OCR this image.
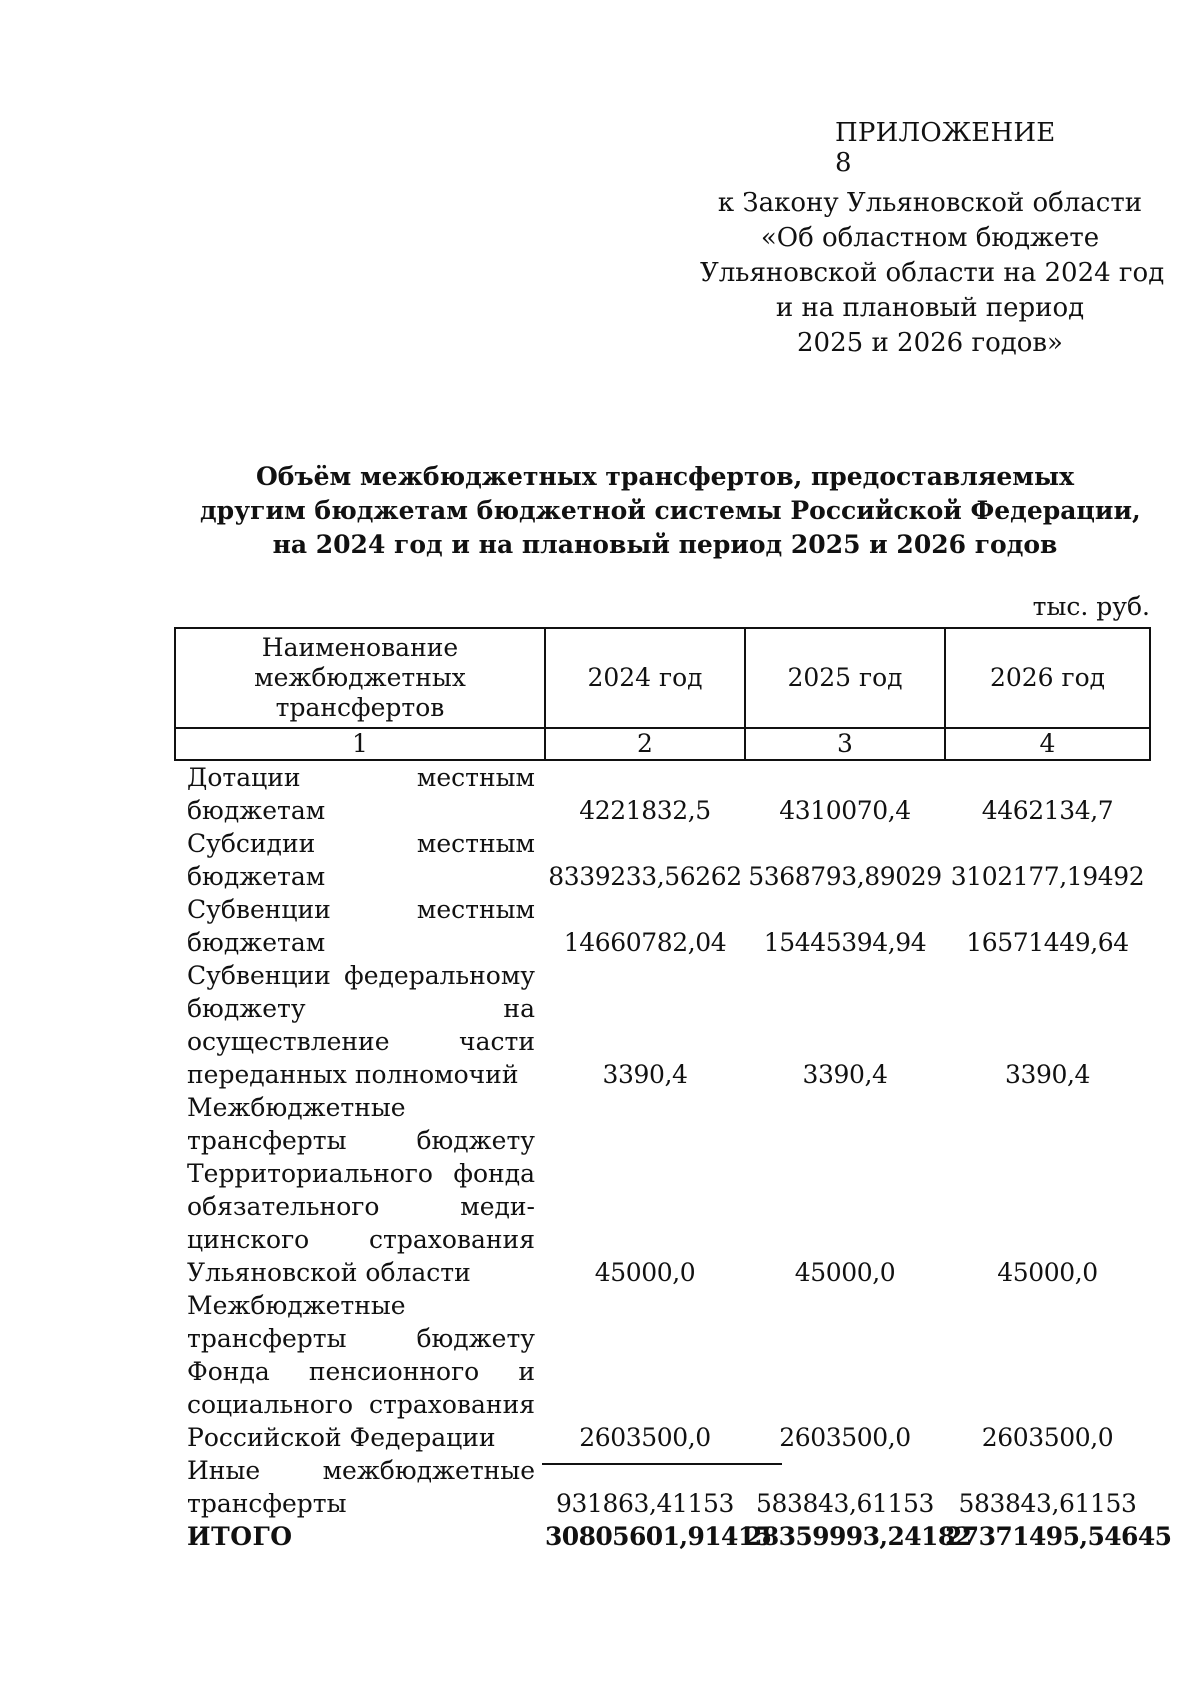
ПРИЛОЖЕНИЕ 8
к Закону Ульяновской области
«Об областном бюджете
Ульяновской области на 2024 год
и на плановый период
2025 и 2026 годов»
Объём межбюджетных трансфертов, предоставляемых
другим бюджетам бюджетной системы Российской Федерации,
на 2024 год и на плановый период 2025 и 2026 годов
тыс. руб.
Наименование межбюджетных трансфертов	2024 год	2025 год	2026 год
1	2	3	4
Дотации местным бюджетам	4221832,5	4310070,4	4462134,7
Субсидии местным бюджетам	8339233,56262	5368793,89029	3102177,19492
Субвенции местным бюджетам	14660782,04	15445394,94	16571449,64
Субвенции федеральному бюджету на осуществление части переданных полномочий	3390,4	3390,4	3390,4
Межбюджетные трансферты бюджету Территориального фонда обязательного медицинского страхования Ульяновской области	45000,0	45000,0	45000,0
Межбюджетные трансферты бюджету Фонда пенсионного и социального страхования Российской Федерации	2603500,0	2603500,0	2603500,0
Иные межбюджетные трансферты	931863,41153	583843,61153	583843,61153
ИТОГО	30805601,91415	28359993,24182	27371495,54645
